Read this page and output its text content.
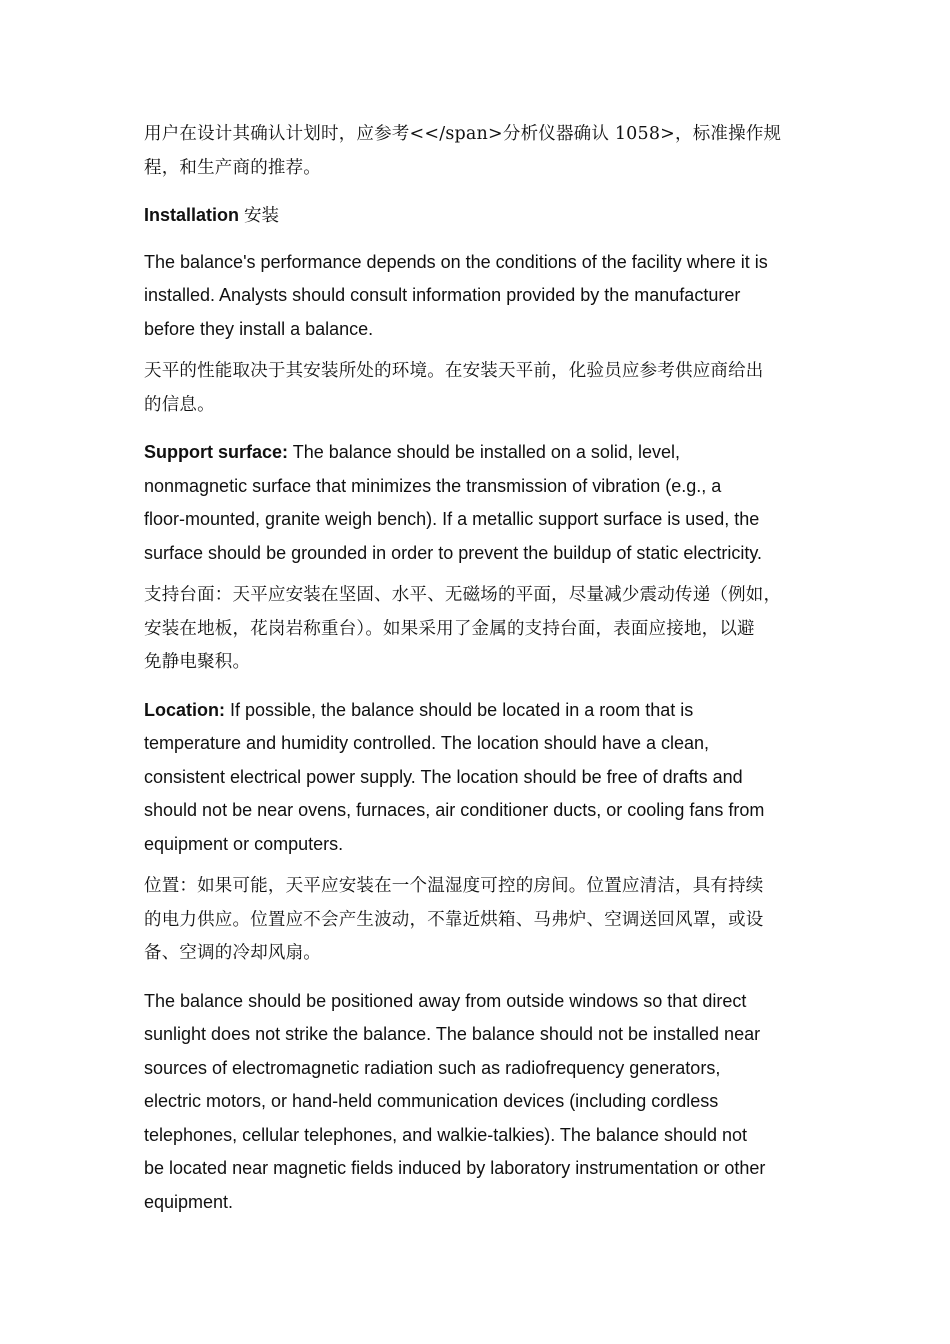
用户在设计其确认计划时，应参考<</span>分析仪器确认 1058>，标准操作规
程，和生产商的推荐。

Installation 安装

The balance's performance depends on the conditions of the facility where it is
installed. Analysts should consult information provided by the manufacturer
before they install a balance.

天平的性能取决于其安装所处的环境。在安装天平前，化验员应参考供应商给出
的信息。

Support surface: The balance should be installed on a solid, level,
nonmagnetic surface that minimizes the transmission of vibration (e.g., a
floor-mounted, granite weigh bench). If a metallic support surface is used, the
surface should be grounded in order to prevent the buildup of static electricity.

支持台面：天平应安装在坚固、水平、无磁场的平面，尽量减少震动传递（例如，
安装在地板，花岗岩称重台）。如果采用了金属的支持台面，表面应接地，以避
免静电聚积。

Location: If possible, the balance should be located in a room that is
temperature and humidity controlled. The location should have a clean,
consistent electrical power supply. The location should be free of drafts and
should not be near ovens, furnaces, air conditioner ducts, or cooling fans from
equipment or computers.

位置：如果可能，天平应安装在一个温湿度可控的房间。位置应清洁，具有持续
的电力供应。位置应不会产生波动，不靠近烘箱、马弗炉、空调送回风罩，或设
备、空调的冷却风扇。

The balance should be positioned away from outside windows so that direct
sunlight does not strike the balance. The balance should not be installed near
sources of electromagnetic radiation such as radiofrequency generators,
electric motors, or hand-held communication devices (including cordless
telephones, cellular telephones, and walkie-talkies). The balance should not
be located near magnetic fields induced by laboratory instrumentation or other
equipment.
